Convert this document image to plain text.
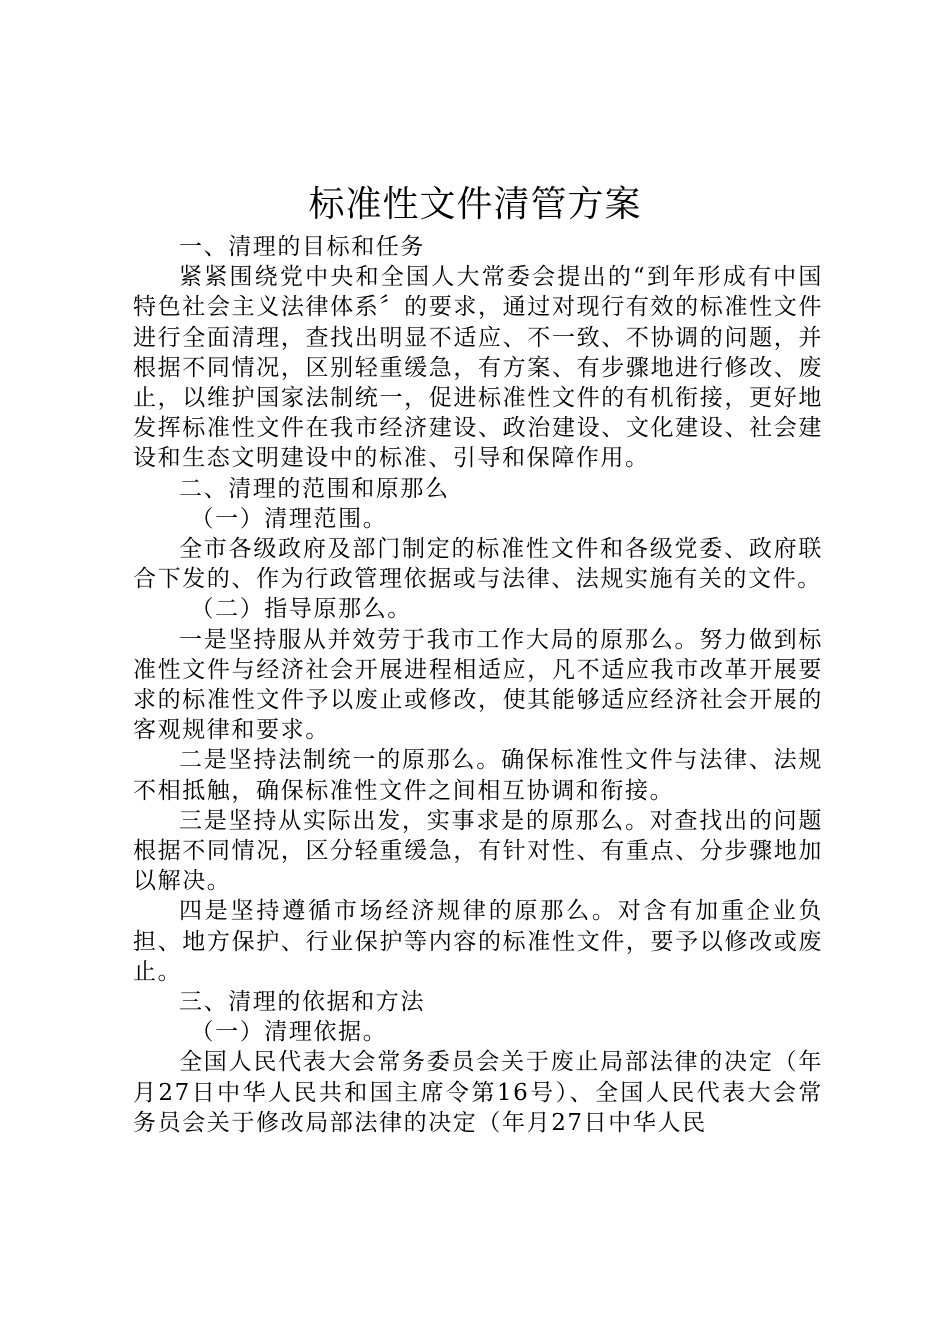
标准性文件清管方案

一、清理的目标和任务

紧紧围绕党中央和全国人大常委会提出的“到年形成有中国特色社会主义法律体系〞的要求，通过对现行有效的标准性文件进行全面清理，查找出明显不适应、不一致、不协调的问题，并根据不同情况，区别轻重缓急，有方案、有步骤地进行修改、废止，以维护国家法制统一，促进标准性文件的有机衔接，更好地发挥标准性文件在我市经济建设、政治建设、文化建设、社会建设和生态文明建设中的标准、引导和保障作用。

二、清理的范围和原那么

（一）清理范围。

全市各级政府及部门制定的标准性文件和各级党委、政府联合下发的、作为行政管理依据或与法律、法规实施有关的文件。

（二）指导原那么。

一是坚持服从并效劳于我市工作大局的原那么。努力做到标准性文件与经济社会开展进程相适应，凡不适应我市改革开展要求的标准性文件予以废止或修改，使其能够适应经济社会开展的客观规律和要求。

二是坚持法制统一的原那么。确保标准性文件与法律、法规不相抵触，确保标准性文件之间相互协调和衔接。

三是坚持从实际出发，实事求是的原那么。对查找出的问题根据不同情况，区分轻重缓急，有针对性、有重点、分步骤地加以解决。

四是坚持遵循市场经济规律的原那么。对含有加重企业负担、地方保护、行业保护等内容的标准性文件，要予以修改或废止。

三、清理的依据和方法

（一）清理依据。

全国人民代表大会常务委员会关于废止局部法律的决定（年月27日中华人民共和国主席令第16号）、全国人民代表大会常务员会关于修改局部法律的决定（年月27日中华人民
